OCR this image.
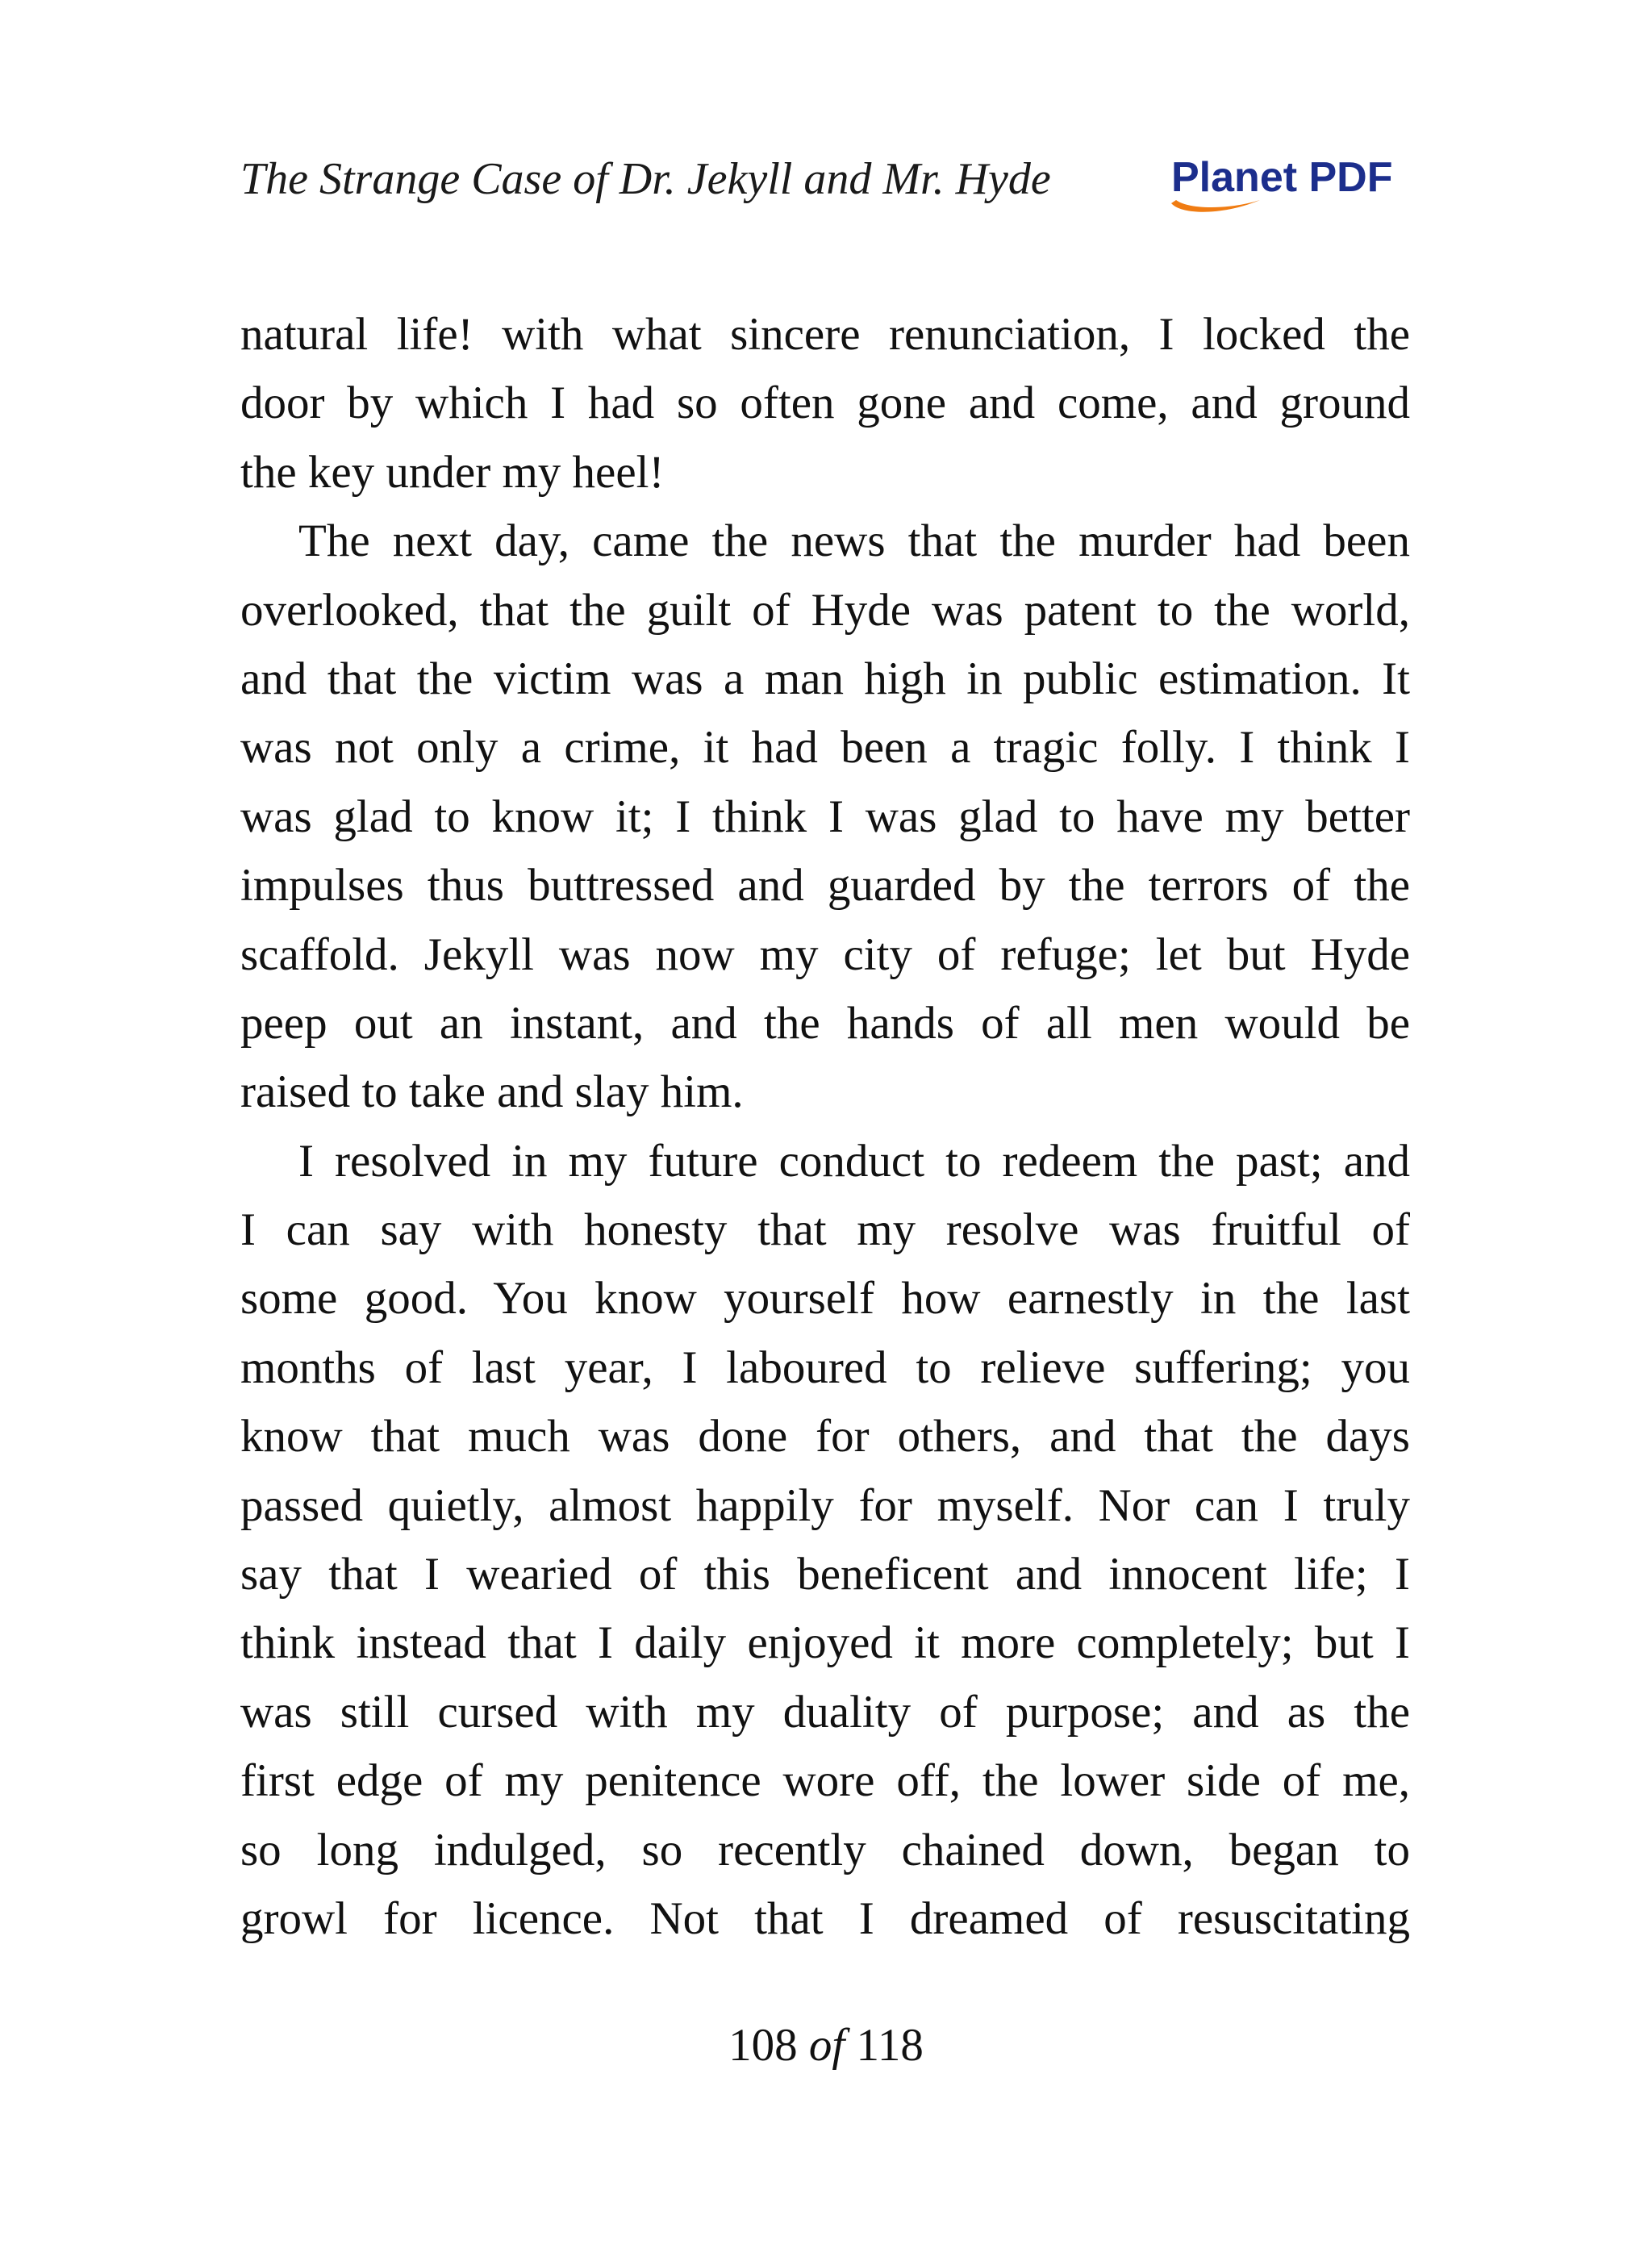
The Strange Case of Dr. Jekyll and Mr. Hyde	Planet PDF
natural life! with what sincere renunciation, I locked the
door by which I had so often gone and come, and ground
the key under my heel!
The next day, came the news that the murder had been
overlooked, that the guilt of Hyde was patent to the world,
and that the victim was a man high in public estimation. It
was not only a crime, it had been a tragic folly. I think I
was glad to know it; I think I was glad to have my better
impulses thus buttressed and guarded by the terrors of the
scaffold. Jekyll was now my city of refuge; let but Hyde
peep out an instant, and the hands of all men would be
raised to take and slay him.
I resolved in my future conduct to redeem the past; and
I can say with honesty that my resolve was fruitful of
some good. You know yourself how earnestly in the last
months of last year, I laboured to relieve suffering; you
know that much was done for others, and that the days
passed quietly, almost happily for myself. Nor can I truly
say that I wearied of this beneficent and innocent life; I
think instead that I daily enjoyed it more completely; but I
was still cursed with my duality of purpose; and as the
first edge of my penitence wore off, the lower side of me,
so long indulged, so recently chained down, began to
growl for licence. Not that I dreamed of resuscitating
108 of 118
